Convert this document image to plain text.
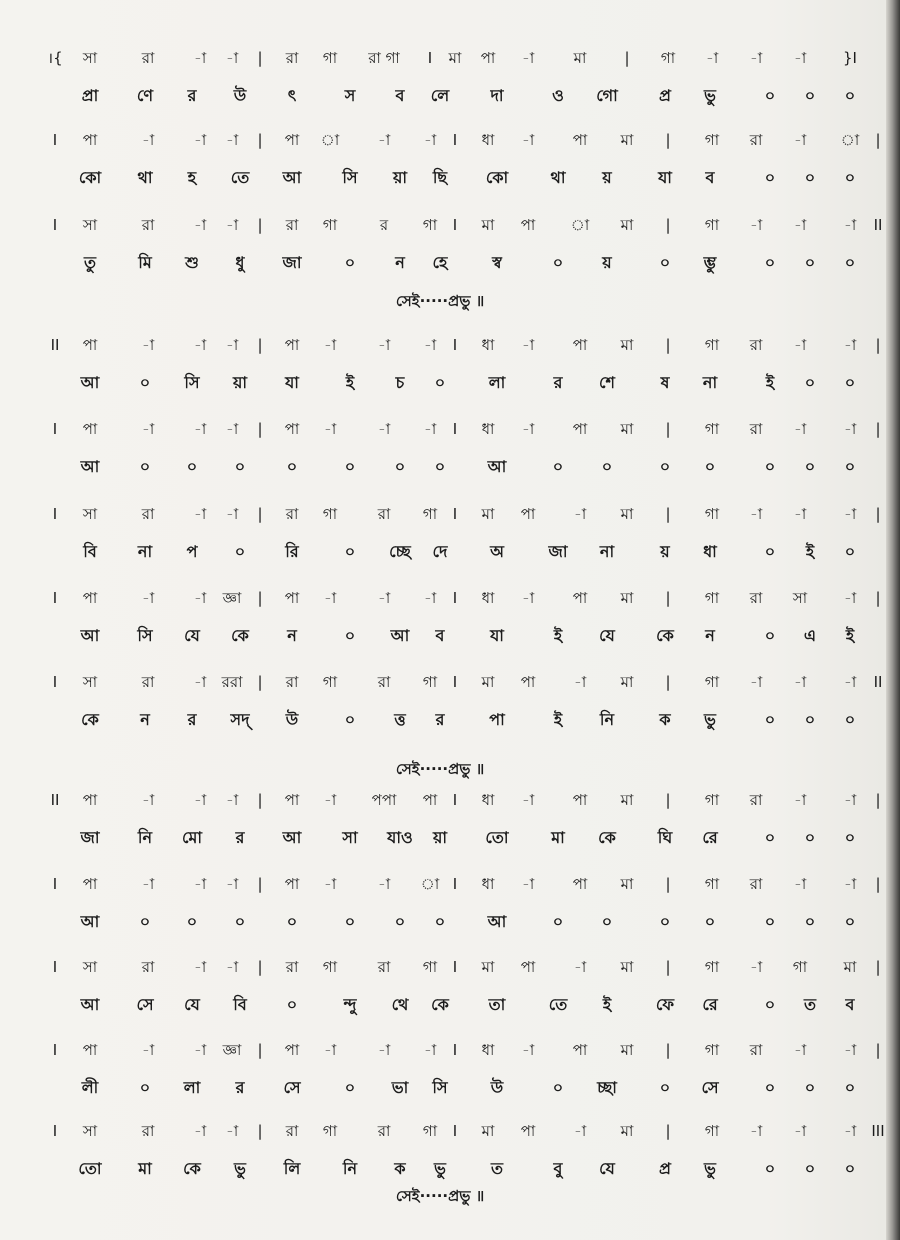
।{ সা	রা	-া -া | রা গা রা গা I মা পা -া	মা	| গা -া -া -া }I
প্রা ণে র উ	ৎ	স	ব লে	দা	ও গো	প্র ভু	০ ০ ০
I পা	-া	-া -া | পা া	-া -া I ধা -া	পা মা | গা রা -া া |
কো থা হ তে আ	সি য়া ছি কো	থা য়	যা ব	০ ০ ০
I সা	রা	-া -া | রা গা	র গা I মা পা া মা | গা -া -া	-া II
তু	মি শু ধু জা	০	ন হে	স্ব	০ য়	০ ম্ভু	০ ০ ০
II পা	-া	-া -া | পা -া	-া -া I ধা -া	পা মা | গা রা -া	-া |
আ	০ সি য়া যা	ই	চ ০	লা	র শে	ষ না	ই ০ ০
I পা	-া	-া -া | পা -া	-া -া I ধা -া	পা মা | গা রা -া	-া |
আ	০ ০ ০	০	০ ০ ০	আ	০ ০	০ ০	০ ০ ০
I সা	রা	-া -া | রা গা	রা গা I মা পা	-া মা | গা -া -া	-া |
বি	না প ০	রি	০ চ্ছে দে	অ	জা না	য় ধা	০ ই ০
I পা	-া	-া জ্ঞা | পা -া	-া -া I ধা -া	পা মা | গা রা সা -া |
আ সি যে কে ন	০ আ ব	যা	ই যে	কে ন	০ এ ই
I সা	রা	-া ররা | রা গা	রা গা I মা পা	-া মা | গা -া -া	-া II
কে	ন র সদ্ উ	০ ত্ত র	পা	ই নি	ক ভু	০ ০ ০
II পা	-া	-া -া | পা -া পপা পা I ধা -া	পা মা | গা রা -া	-া |
জা নি মো র আ	সা যাও য়া তো	মা কে	ঘি রে	০ ০ ০
I পা	-া	-া -া | পা -া	-া া I ধা -া	পা মা | গা রা -া	-া |
আ	০ ০ ০	০	০ ০ ০	আ	০ ০	০ ০	০ ০ ০
I সা	রা	-া -া | রা গা	রা গা I মা পা	-া মা | গা -া গা মা |
আ সে যে বি	০	ন্দু থে কে তা	তে ই	ফে রে	০ ত ব
I পা	-া	-া জ্ঞা | পা -া	-া -া I ধা -া	পা মা | গা রা -া	-া |
লী	০ লা র সে	০ ভা সি	উ	০ চ্ছা	০ সে	০ ০ ০
I সা	রা	-া -া | রা গা	রা গা I মা পা	-া মা | গা -া -া	-া III
তো মা কে ভু লি	নি ক ভু	ত	বু যে	প্র ভু	০ ০ ০
সেই·····প্রভু ॥
সেই·····প্রভু ॥
সেই·····প্রভু ॥
